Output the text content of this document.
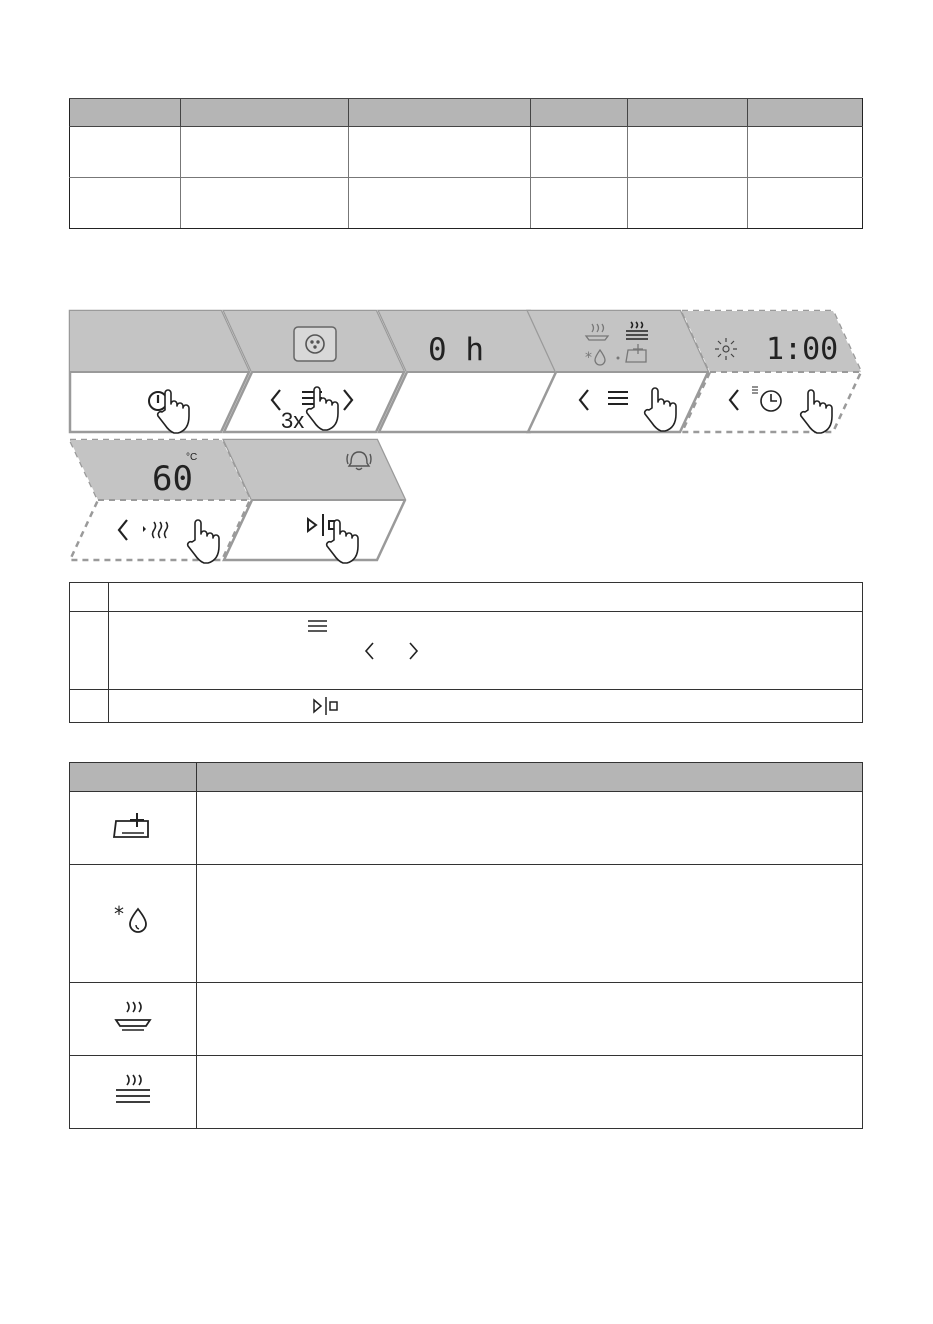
3x
0 h	*	1:00
60
°C

*	
